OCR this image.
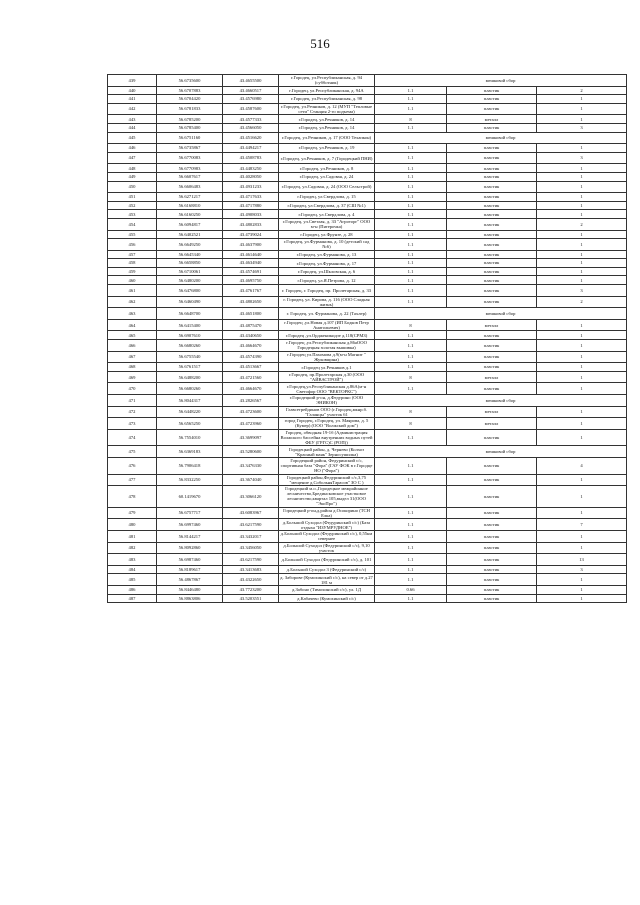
516
439	56.6735600	43.4655500	г.Городец, ул.Республиканская, д. 94 (субботник)	мешковой сбор		
440	56.6707883	43.4660517	г.Городец, ул.Республиканская, д. 94А	1.1	пластик	2
441	56.6704420	43.4576980	г.Городец, ул.Республиканская, д. 98	1.1	пластик	1
442	56.6781833	43.4587600	г.Городец, ул.Речников, д. 12 (МУП "Тепловые сети" Станция 2-го подъема)	1.1	пластик	1
443	56.6785200	43.4577333	г.Городец, ул.Речников, д. 14	8	металл	1
444	56.6785400	43.4566050	г.Городец, ул.Речников, д. 14	1.1	пластик	3
445	56.6751160	43.4516620	г.Городец, ул.Речников, д. 17 (ООО Техапкон)	мешковой сбор		
446	56.6735867	43.4494217	г.Городец, ул.Речников, д. 19	1.1	пластик	1
447	56.6770083	43.4508783	г.Городец, ул.Речников, д. 7 (Городецкий ПНИ)	1.1	пластик	3
448	56.6770983	43.4483250	г.Городец, ул.Речников, д. 8	1.1	пластик	1
449	56.6607617	43.4028050	г.Городец, ул.Садовая, д. 24	1.1	пластик	1
450	56.6606483	43.4931233	г.Городец, ул.Садовая, д. 24 (ООО Сельстрой)	1.1	пластик	1
451	56.6271217	43.4717633	г.Городец, ул.Свердлова, д. 15	1.1	пластик	1
452	56.6168810	43.4717880	г.Городец, ул.Свердлова, д. 37 (СШ №1)	1.1	пластик	1
453	56.6160250	43.4908033	г.Городец, ул.Свердлова, д. 4	1.1	пластик	1
454	56.6094817	43.4802833	г.Городец, ул.Светлая, д. 33 "Агроторг" ООО м-н (Пятерочка)	1.1	пластик	2
455	56.6402521	43.4739024	г.Городец, ул.Фрунзе, д. 28	1.1	пластик	1
456	56.6649250	43.4637900	г.Городец, ул.Фурманова, д. 10 (детский сад №6)	1.1	пластик	1
457	56.6645340	43.4614640	г.Городец, ул.Фурманова, д. 13	1.1	пластик	1
458	56.6658850	43.4634940	г.Городец, ул.Фурманова, д. 17	1.1	пластик	1
459	56.6710061	43.4574691	г.Городец, ул.Шкловская, д. 6	1.1	пластик	1
460	56.6480200	43.4695750	г.Городец, ул.Я.Петрова, д. 12	1.1	пластик	1
461	56.6476800	43.4761767	г. Городец, г. Городец, пр. Пролетарская, д. 33	1.1	пластик	3
462	56.6460490	43.4802650	г. Городец, ул. Кирова, д. 116 (ООО Сладкая жизнь)	1.1	пластик	2
463	56.6648700	43.4651800	г. Городец, ул. Фурманова, д. 22 (Тахлер)	мешковой сбор		
464	56.6415400	43.4875470	г.Городец ,ул.Новая д.107 (ИП Бодков Петр Анатольевич)	8	металл	1
465	56.6907610	43.4340650	г.Городец ,ул.Ордженикидзе д.118(СРМЗ)	1.1	пластик	1
466	56.6680260	43.4664670	г.Городец ,ул.Республиканская д.86аООО Городецкая золотая вышивка)	1.1	пластик	1
467	56.6755540	43.4574390	г.Городец ул.Пахомова д.9(м-н Магнит " Жуковщина)	1.1	пластик	1
468	56.6761517	43.4513667	г.Городец ул.Речников д.1	1.1	пластик	1
469	56.6488200	43.4721560	г.Городец, пр.Пролетарская д.30 (ООО "АЙВАСТРОЙ")	8	металл	1
470	56.6680260	43.4664670	г.Городец,ул.Республиканская д.86А(м-н Светофор ООО "ВЕКТОРКС")	1.1	пластик	1
471	56.8044317	43.2826567	г.Городецкий р-он, д.Федурино (ООО ЭНИКОН)	мешковой сбор		
472	56.6448220	43.4723600	Главсетрейдинов ООО (г.Городец,мкнр.б. "Галанцы" участок 61	8	металл	1
473	56.6565250	43.4723960	город Городец, г.Городец, ул. Маярова, д. 5 (Кумер) (ООО "Волжский дом")	8	металл	1
474	56.7554010	43.3699097	Городец, обводная 19-1б (Администрация Волжского бассейна внутренних водных путей ФБУ (ГРГС)С (РОП))	1.1	пластик	1
475	56.6369183	43.5280600	Городецкий район, д. Чернево (Колхоз "Красный маяк" Зерносушилка)	мешковой сбор		
476	56.7906418	43.3476330	Городецкий район, Федуринский с/с, спортивная база "Фора" (ГАУ ФОК в г.Городце НО ("Фора")	1.1	пластик	4
477	56.8332250	43.3674040	Городецкий район,Федуринский с/с,3,75 "мещение д.СобольняТарасов" ЗО С )	1.1	пластик	1
478	60.1419670	43.3066120	Городецкий м.о.,Городецкое межрайонное лесничество,Брединсковское участковое лесничество,квартал 105,выдел 31(ООО "ЭкоПро")	1.1	пластик	1
479	56.6757717	43.6083967	Городецкий р-он,д.район д.Осокорино (ТСН Елка)	1.1	пластик	1
480	56.6997460	43.6217590	д.Большой Суходол (Федуринский с/с) (База отдыха "ИЗУМРУДНОЕ")	1.1	пластик	7
481	56.8144217	43.3432017	д.Большой Суходол (Федуринский с/с), 0,55км севернее	1.1	пластик	1
482	56.8092860	43.3456050	д.Большой Суходол (Федуринский с/с), 9,10 участок	1.1	пластик	1
483	56.6987460	43.6217590	д.Большой Суходол (Федуринский с/с), д. 101	1.1	пластик	13
484	56.8189617	43.3413683	д.Большой Суходол 3 (Федуринский с/с)	1.1	пластик	3
485	56.4867867	43.4322650	д. Заборове (Кумохинский с/с), на север от д.27 181 м	1.1	пластик	1
486	56.8446480	43.7723200	д.Забоно (Тимохинский с/с), ул. 1Д	0.66	пластик	1
487	56.8863806	43.5203551	д.Кабачево (Кумохинский с/с)	1.1	пластик	1
